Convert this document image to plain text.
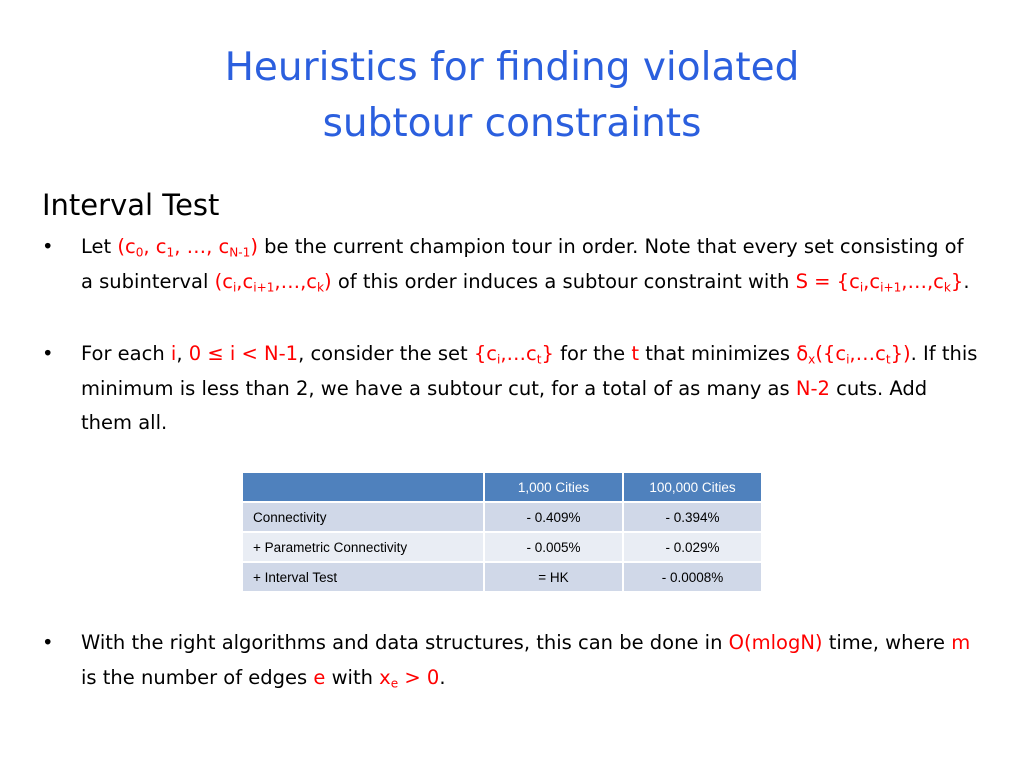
Heuristics for finding violated
subtour constraints
Interval Test
•	Let ($c_0$, $c_1$, …, $c_{N-1}$) be the current champion tour in order. Note that every set consisting of a subinterval $(c_i,c_{i+1},\dots,c_k)$ of this order induces a subtour constraint with $S = \{c_i,c_{i+1},\dots,c_k\}$.
•	For each i, 0 ≤ i < N-1, consider the set $\{c_i,\dots c_t\}$ for the t that minimizes $\delta_x(\{c_i,\dots c_t\})$. If this minimum is less than 2, we have a subtour cut, for a total of as many as N-2 cuts. Add them all.
	1,000 Cities	100,000 Cities
Connectivity	- 0.409%	- 0.394%
+ Parametric Connectivity	- 0.005%	- 0.029%
+ Interval Test	= HK	- 0.0008%
•	With the right algorithms and data structures, this can be done in O(mlogN) time, where m is the number of edges e with $x_e > 0$.
